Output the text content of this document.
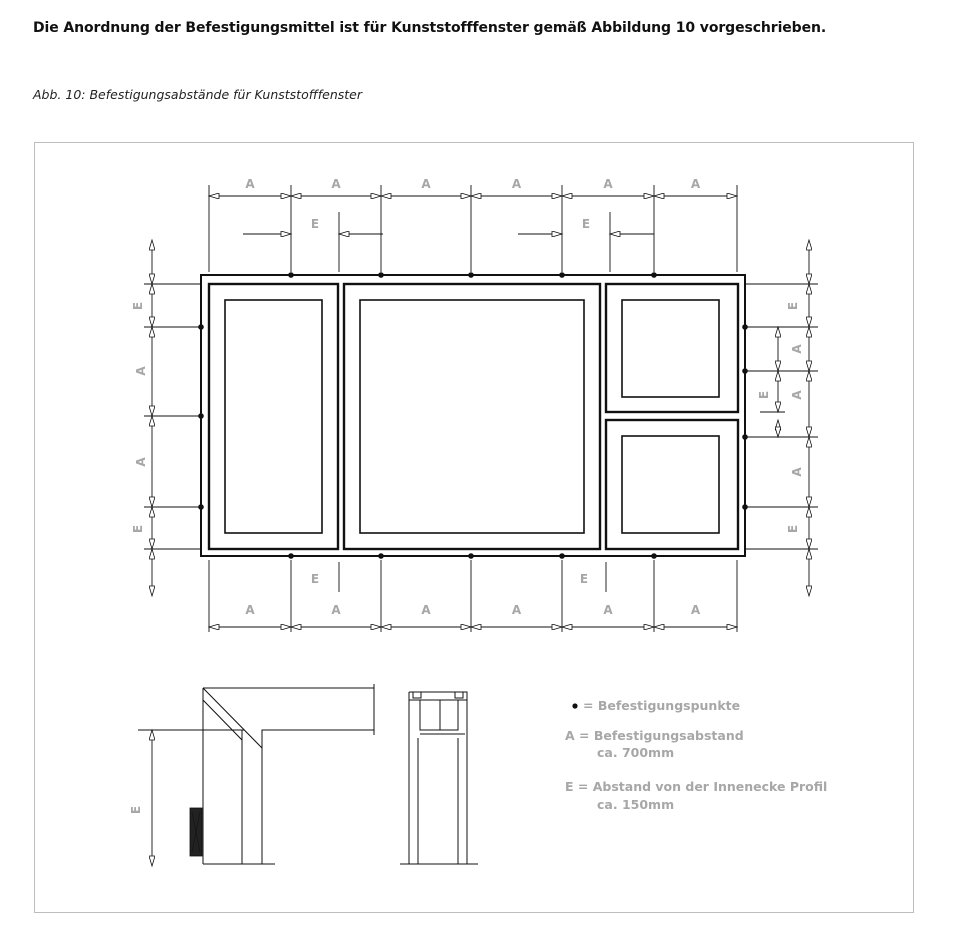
Die Anordnung der Befestigungsmittel ist für Kunststofffenster gemäß Abbildung 10 vorgeschrieben.
Abb. 10: Befestigungsabstände für Kunststofffenster
A	A	A	A	A	A
A	A	A	A	A	A
E	E
E	E
E
A
A
E
E
A
A
A
E
E
E
= Befestigungspunkte
A = Befestigungsabstand
ca. 700mm
E = Abstand von der Innenecke Profil
ca. 150mm
